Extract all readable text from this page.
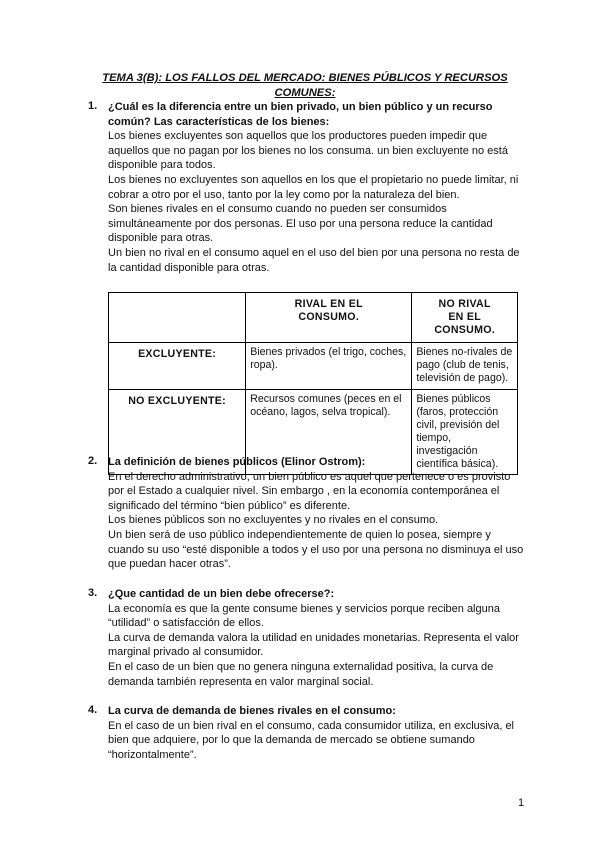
TEMA 3(B): LOS FALLOS DEL MERCADO: BIENES PÚBLICOS Y RECURSOS
COMUNES:
1. ¿Cuál es la diferencia entre un bien privado, un bien público y un recurso
común? Las características de los bienes:
Los bienes excluyentes son aquellos que los productores pueden impedir que
aquellos que no pagan por los bienes no los consuma. un bien excluyente no está
disponible para todos.
Los bienes no excluyentes son aquellos en los que el propietario no puede limitar, ni
cobrar a otro por el uso, tanto por la ley como por la naturaleza del bien.
Son bienes rivales en el consumo cuando no pueden ser consumidos
simultáneamente por dos personas. El uso por una persona reduce la cantidad
disponible para otras.
Un bien no rival en el consumo aquel en el uso del bien por una persona no resta de
la cantidad disponible para otras.
	RIVAL EN EL CONSUMO.	NO RIVAL EN EL CONSUMO.
EXCLUYENTE:	Bienes privados (el trigo, coches, ropa).	Bienes no-rivales de pago (club de tenis, televisión de pago).
NO EXCLUYENTE:	Recursos comunes (peces en el océano, lagos, selva tropical).	Bienes públicos (faros, protección civil, previsión del tiempo, investigación científica básica).
2. La definición de bienes públicos (Elinor Ostrom):
En el derecho administrativo, un bien público es aquel que pertenece o es provisto
por el Estado a cualquier nivel. Sin embargo , en la economía contemporánea el
significado del término “bien público” es diferente.
Los bienes públicos son no excluyentes y no rivales en el consumo.
Un bien será de uso público independientemente de quien lo posea, siempre y
cuando su uso “esté disponible a todos y el uso por una persona no disminuya el uso
que puedan hacer otras”.
3. ¿Que cantidad de un bien debe ofrecerse?:
La economía es que la gente consume bienes y servicios porque reciben alguna
“utilidad” o satisfacción de ellos.
La curva de demanda valora la utilidad en unidades monetarias. Representa el valor
marginal privado al consumidor.
En el caso de un bien que no genera ninguna externalidad positiva, la curva de
demanda también representa en valor marginal social.
4. La curva de demanda de bienes rivales en el consumo:
En el caso de un bien rival en el consumo, cada consumidor utiliza, en exclusiva, el
bien que adquiere, por lo que la demanda de mercado se obtiene sumando
“horizontalmente”.
1
